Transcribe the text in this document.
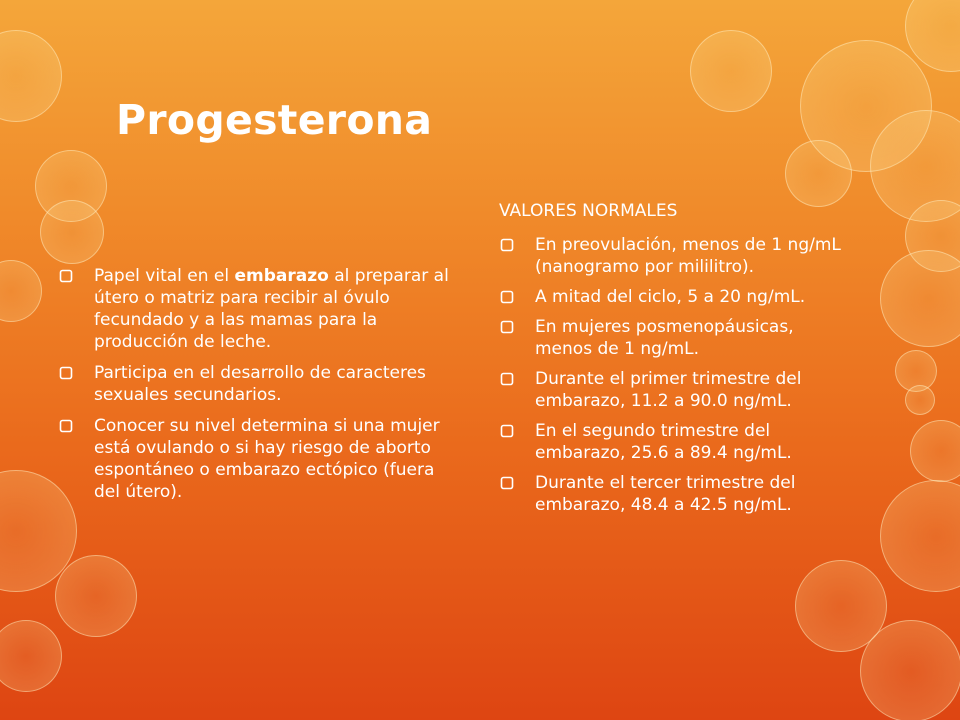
Progesterona
Papel vital en el embarazo al preparar al útero o matriz para recibir al óvulo fecundado y a las mamas para la producción de leche.
Participa en el desarrollo de caracteres sexuales secundarios.
Conocer su nivel determina si una mujer está ovulando o si hay riesgo de aborto espontáneo o embarazo ectópico (fuera del útero).

VALORES NORMALES

En preovulación, menos de 1 ng/mL (nanogramo por mililitro).
A mitad del ciclo, 5 a 20 ng/mL.
En mujeres posmenopáusicas, menos de 1 ng/mL.
Durante el primer trimestre del embarazo, 11.2 a 90.0 ng/mL.
En el segundo trimestre del embarazo, 25.6 a 89.4 ng/mL.
Durante el tercer trimestre del embarazo, 48.4 a 42.5 ng/mL.
